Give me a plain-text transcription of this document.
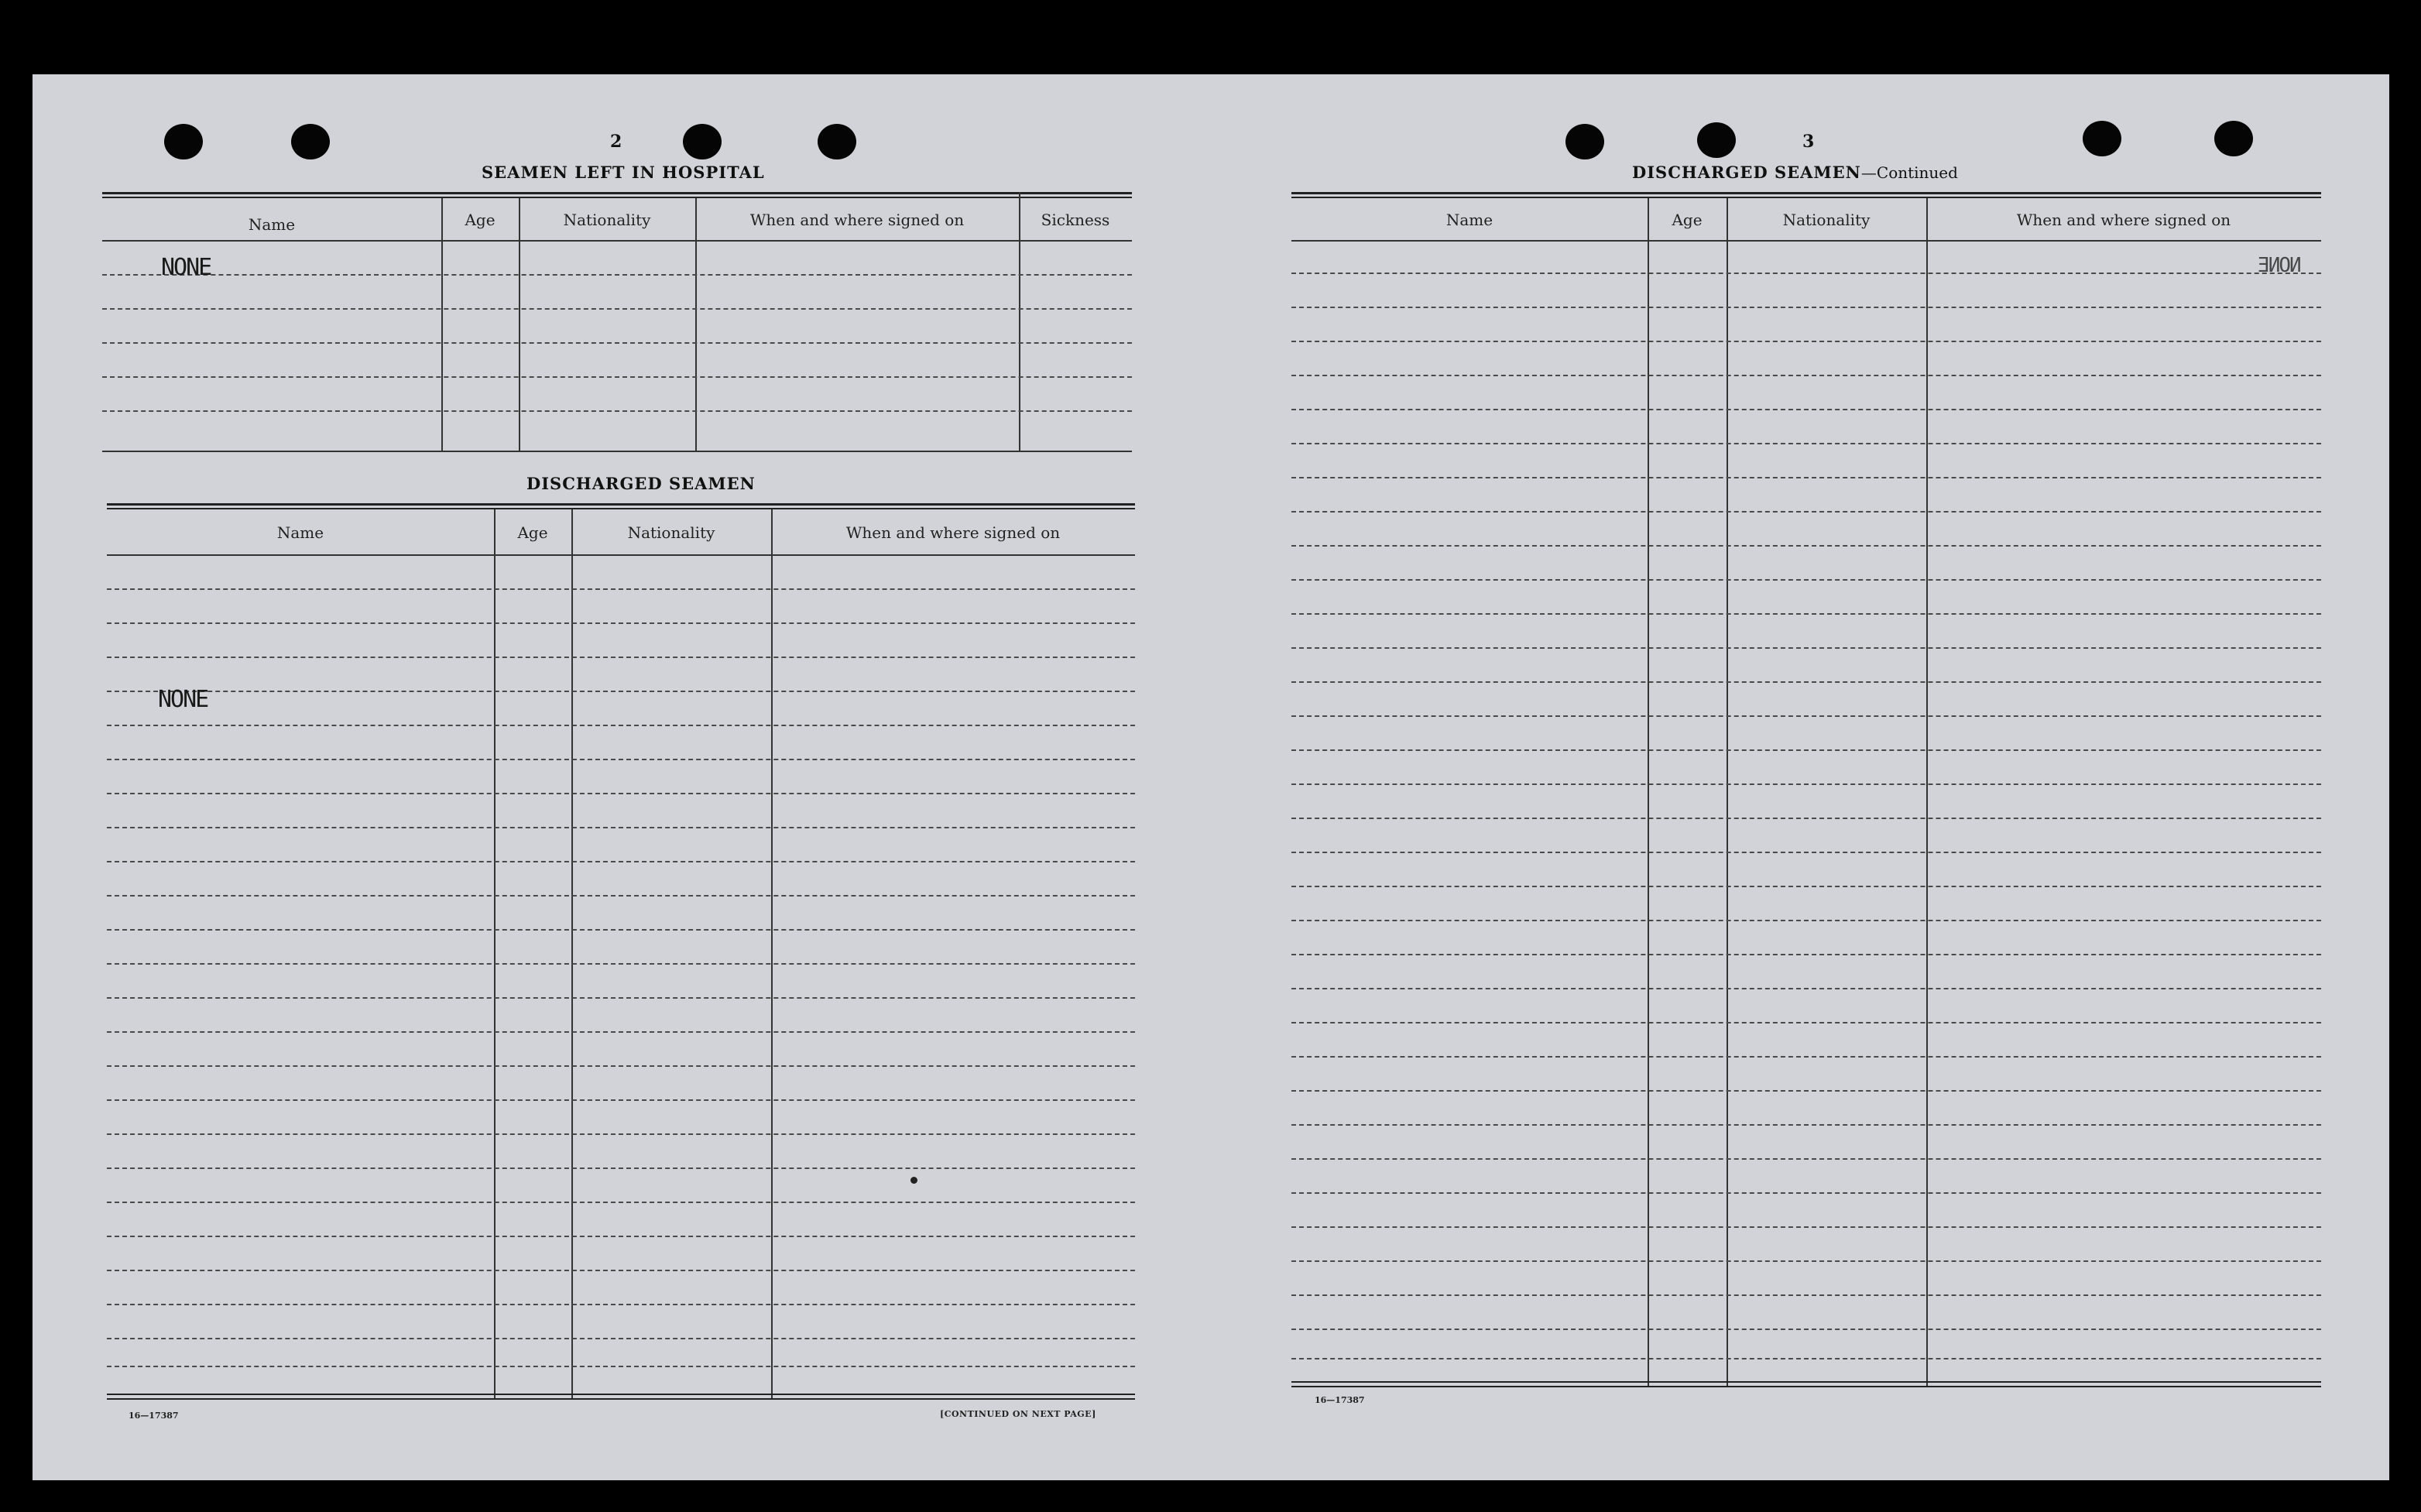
2
SEAMEN LEFT IN HOSPITAL
Name	Age	Nationality	When and where signed on	Sickness
NONE
DISCHARGED SEAMEN
Name	Age	Nationality	When and where signed on
NONE
16—17387	[CONTINUED ON NEXT PAGE]
3
DISCHARGED SEAMEN—Continued
Name	Age	Nationality	When and where signed on
NONE
16—17387
